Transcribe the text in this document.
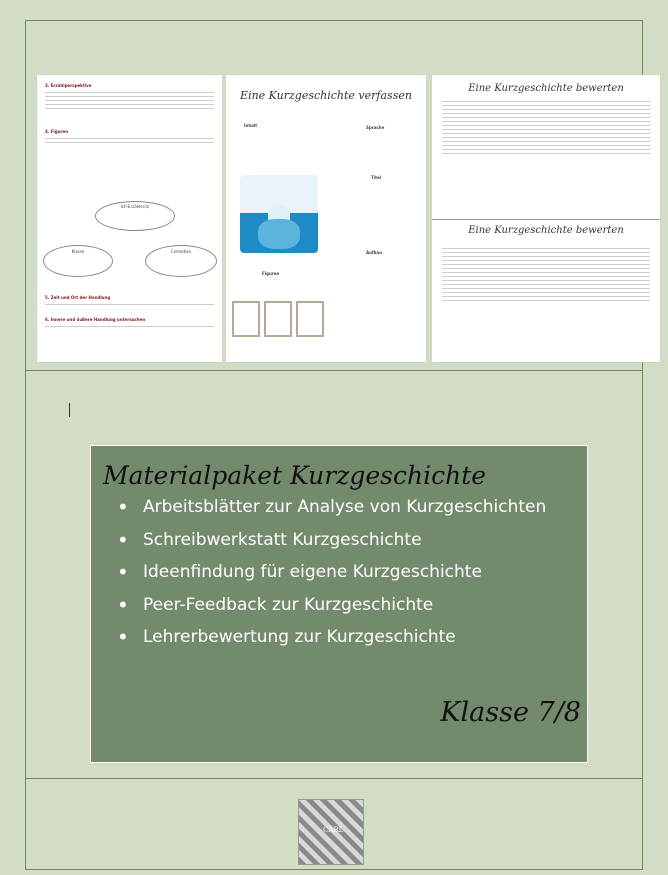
3. Erzählperspektive
4. Figuren
Ich-Erzähler/in
Klasse	Comedian
5. Zeit und Ort der Handlung
6. Innere und äußere Handlung untersuchen
Eine Kurzgeschichte verfassen
Inhalt	Sprache
Titel
Aufbau
Figuren
Eine Kurzgeschichte bewerten
Eine Kurzgeschichte bewerten
Materialpaket Kurzgeschichte
• Arbeitsblätter zur Analyse von Kurzgeschichten
• Schreibwerkstatt Kurzgeschichte
• Ideenfindung für eigene Kurzgeschichte
• Peer-Feedback zur Kurzgeschichte
• Lehrerbewertung zur Kurzgeschichte
Klasse 7/8
CARL
